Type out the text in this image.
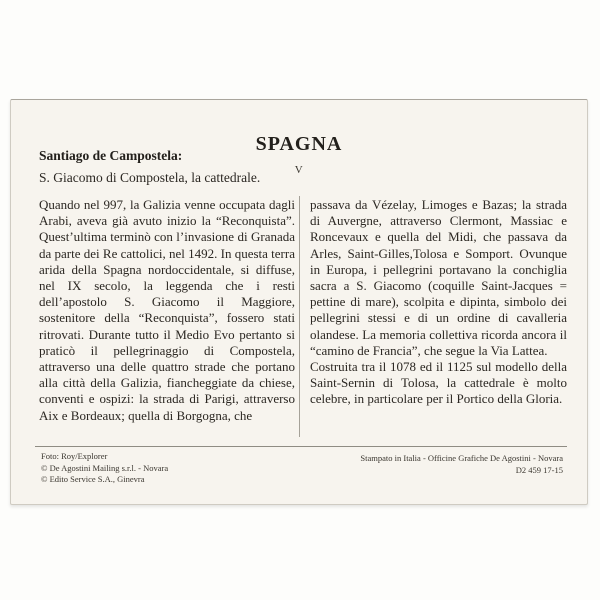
SPAGNA
V
Santiago de Campostela:
S. Giacomo di Compostela, la cattedrale.
Quando nel 997, la Galizia venne occupata dagli Arabi, aveva già avuto inizio la “Reconquista”. Quest’ultima terminò con l’invasione di Granada da parte dei Re cattolici, nel 1492. In questa terra arida della Spagna nordoccidentale, si diffuse, nel IX secolo, la leggenda che i resti dell’apostolo S. Giacomo il Maggiore, sostenitore della “Reconquista”, fossero stati ritrovati. Durante tutto il Medio Evo pertanto si praticò il pellegrinaggio di Compostela, attraverso una delle quattro strade che portano alla città della Galizia, fiancheggiate da chiese, conventi e ospizi: la strada di Parigi, attraverso Aix e Bordeaux; quella di Borgogna, che

passava da Vézelay, Limoges e Bazas; la strada di Auvergne, attraverso Clermont, Massiac e Roncevaux e quella del Midi, che passava da Arles, Saint-Gilles,Tolosa e Somport. Ovunque in Europa, i pellegrini portavano la conchiglia sacra a S. Giacomo (coquille Saint-Jacques = pettine di mare), scolpita e dipinta, simbolo dei pellegrini stessi e di un ordine di cavalleria olandese. La memoria collettiva ricorda ancora il “camino de Francia”, che segue la Via Lattea.

Costruita tra il 1078 ed il 1125 sul modello della Saint-Sernin di Tolosa, la cattedrale è molto celebre, in particolare per il Portico della Gloria.

Foto: Roy/Explorer
© De Agostini Mailing s.r.l. - Novara
© Edito Service S.A., Ginevra
Stampato in Italia - Officine Grafiche De Agostini - Novara
D2 459 17-15
